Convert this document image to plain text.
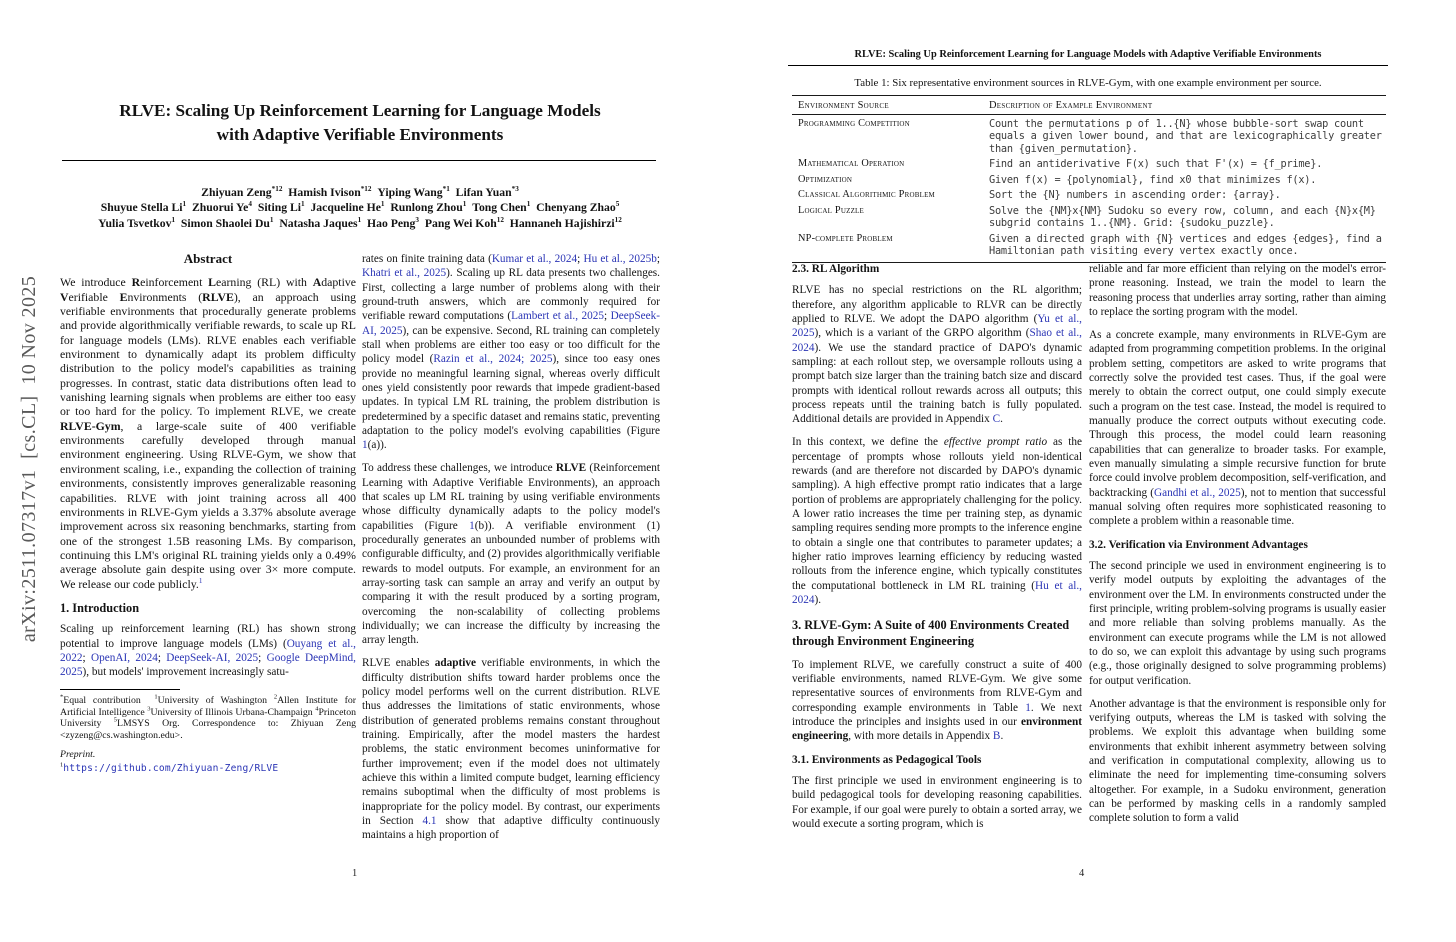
arXiv:2511.07317v1  [cs.CL]  10 Nov 2025
RLVE: Scaling Up Reinforcement Learning for Language Models
with Adaptive Verifiable Environments
Zhiyuan Zeng$^{*12}$  Hamish Ivison$^{*12}$  Yiping Wang$^{*1}$  Lifan Yuan$^{*3}$
Shuyue Stella Li$^1$  Zhuorui Ye$^4$  Siting Li$^1$  Jacqueline He$^1$  Runlong Zhou$^1$  Tong Chen$^1$  Chenyang Zhao$^5$
Yulia Tsvetkov$^1$  Simon Shaolei Du$^1$  Natasha Jaques$^1$  Hao Peng$^3$  Pang Wei Koh$^{12}$  Hannaneh Hajishirzi$^{12}$
Abstract
We introduce Reinforcement Learning (RL) with Adaptive Verifiable Environments (RLVE), an approach using verifiable environments that procedurally generate problems and provide algorithmically verifiable rewards, to scale up RL for language models (LMs). RLVE enables each verifiable environment to dynamically adapt its problem difficulty distribution to the policy model's capabilities as training progresses. In contrast, static data distributions often lead to vanishing learning signals when problems are either too easy or too hard for the policy. To implement RLVE, we create RLVE-Gym, a large-scale suite of 400 verifiable environments carefully developed through manual environment engineering. Using RLVE-Gym, we show that environment scaling, i.e., expanding the collection of training environments, consistently improves generalizable reasoning capabilities. RLVE with joint training across all 400 environments in RLVE-Gym yields a 3.37% absolute average improvement across six reasoning benchmarks, starting from one of the strongest 1.5B reasoning LMs. By comparison, continuing this LM's original RL training yields only a 0.49% average absolute gain despite using over 3× more compute. We release our code publicly.$^1$
1. Introduction
Scaling up reinforcement learning (RL) has shown strong potential to improve language models (LMs) (Ouyang et al., 2022; OpenAI, 2024; DeepSeek-AI, 2025; Google DeepMind, 2025), but models' improvement increasingly satu-
*Equal contribution  $^1$University of Washington $^2$Allen Institute for Artificial Intelligence $^3$University of Illinois Urbana-Champaign $^4$Princeton University $^5$LMSYS Org. Correspondence to: Zhiyuan Zeng <zyzeng@cs.washington.edu>.
Preprint.
$^1$https://github.com/Zhiyuan-Zeng/RLVE
rates on finite training data (Kumar et al., 2024; Hu et al., 2025b; Khatri et al., 2025). Scaling up RL data presents two challenges. First, collecting a large number of problems along with their ground-truth answers, which are commonly required for verifiable reward computations (Lambert et al., 2025; DeepSeek-AI, 2025), can be expensive. Second, RL training can completely stall when problems are either too easy or too difficult for the policy model (Razin et al., 2024; 2025), since too easy ones provide no meaningful learning signal, whereas overly difficult ones yield consistently poor rewards that impede gradient-based updates. In typical LM RL training, the problem distribution is predetermined by a specific dataset and remains static, preventing adaptation to the policy model's evolving capabilities (Figure 1(a)).
To address these challenges, we introduce RLVE (Reinforcement Learning with Adaptive Verifiable Environments), an approach that scales up LM RL training by using verifiable environments whose difficulty dynamically adapts to the policy model's capabilities (Figure 1(b)). A verifiable environment (1) procedurally generates an unbounded number of problems with configurable difficulty, and (2) provides algorithmically verifiable rewards to model outputs. For example, an environment for an array-sorting task can sample an array and verify an output by comparing it with the result produced by a sorting program, overcoming the non-scalability of collecting problems individually; we can increase the difficulty by increasing the array length.
RLVE enables adaptive verifiable environments, in which the difficulty distribution shifts toward harder problems once the policy model performs well on the current distribution. RLVE thus addresses the limitations of static environments, whose distribution of generated problems remains constant throughout training. Empirically, after the model masters the hardest problems, the static environment becomes uninformative for further improvement; even if the model does not ultimately achieve this within a limited compute budget, learning efficiency remains suboptimal when the difficulty of most problems is inappropriate for the policy model. By contrast, our experiments in Section 4.1 show that adaptive difficulty continuously maintains a high proportion of
1
RLVE: Scaling Up Reinforcement Learning for Language Models with Adaptive Verifiable Environments
Table 1: Six representative environment sources in RLVE-Gym, with one example environment per source.
Environment Source	Description of Example Environment
Programming Competition	Count the permutations p of 1..{N} whose bubble-sort swap count equals a given lower bound, and that are lexicographically greater than {given_permutation}.
Mathematical Operation	Find an antiderivative F(x) such that F'(x) = {f_prime}.
Optimization	Given f(x) = {polynomial}, find x0 that minimizes f(x).
Classical Algorithmic Problem	Sort the {N} numbers in ascending order: {array}.
Logical Puzzle	Solve the {NM}x{NM} Sudoku so every row, column, and each {N}x{M} subgrid contains 1..{NM}. Grid: {sudoku_puzzle}.
NP-complete Problem	Given a directed graph with {N} vertices and edges {edges}, find a Hamiltonian path visiting every vertex exactly once.
2.3. RL Algorithm
RLVE has no special restrictions on the RL algorithm; therefore, any algorithm applicable to RLVR can be directly applied to RLVE. We adopt the DAPO algorithm (Yu et al., 2025), which is a variant of the GRPO algorithm (Shao et al., 2024). We use the standard practice of DAPO's dynamic sampling: at each rollout step, we oversample rollouts using a prompt batch size larger than the training batch size and discard prompts with identical rollout rewards across all outputs; this process repeats until the training batch is fully populated. Additional details are provided in Appendix C.
In this context, we define the effective prompt ratio as the percentage of prompts whose rollouts yield non-identical rewards (and are therefore not discarded by DAPO's dynamic sampling). A high effective prompt ratio indicates that a large portion of problems are appropriately challenging for the policy. A lower ratio increases the time per training step, as dynamic sampling requires sending more prompts to the inference engine to obtain a single one that contributes to parameter updates; a higher ratio improves learning efficiency by reducing wasted rollouts from the inference engine, which typically constitutes the computational bottleneck in LM RL training (Hu et al., 2024).
3. RLVE-Gym: A Suite of 400 Environments Created through Environment Engineering
To implement RLVE, we carefully construct a suite of 400 verifiable environments, named RLVE-Gym. We give some representative sources of environments from RLVE-Gym and corresponding example environments in Table 1. We next introduce the principles and insights used in our environment engineering, with more details in Appendix B.
3.1. Environments as Pedagogical Tools
The first principle we used in environment engineering is to build pedagogical tools for developing reasoning capabilities. For example, if our goal were purely to obtain a sorted array, we would execute a sorting program, which is
reliable and far more efficient than relying on the model's error-prone reasoning. Instead, we train the model to learn the reasoning process that underlies array sorting, rather than aiming to replace the sorting program with the model.
As a concrete example, many environments in RLVE-Gym are adapted from programming competition problems. In the original problem setting, competitors are asked to write programs that correctly solve the provided test cases. Thus, if the goal were merely to obtain the correct output, one could simply execute such a program on the test case. Instead, the model is required to manually produce the correct outputs without executing code. Through this process, the model could learn reasoning capabilities that can generalize to broader tasks. For example, even manually simulating a simple recursive function for brute force could involve problem decomposition, self-verification, and backtracking (Gandhi et al., 2025), not to mention that successful manual solving often requires more sophisticated reasoning to complete a problem within a reasonable time.
3.2. Verification via Environment Advantages
The second principle we used in environment engineering is to verify model outputs by exploiting the advantages of the environment over the LM. In environments constructed under the first principle, writing problem-solving programs is usually easier and more reliable than solving problems manually. As the environment can execute programs while the LM is not allowed to do so, we can exploit this advantage by using such programs (e.g., those originally designed to solve programming problems) for output verification.
Another advantage is that the environment is responsible only for verifying outputs, whereas the LM is tasked with solving the problems. We exploit this advantage when building some environments that exhibit inherent asymmetry between solving and verification in computational complexity, allowing us to eliminate the need for implementing time-consuming solvers altogether. For example, in a Sudoku environment, generation can be performed by masking cells in a randomly sampled complete solution to form a valid
4
